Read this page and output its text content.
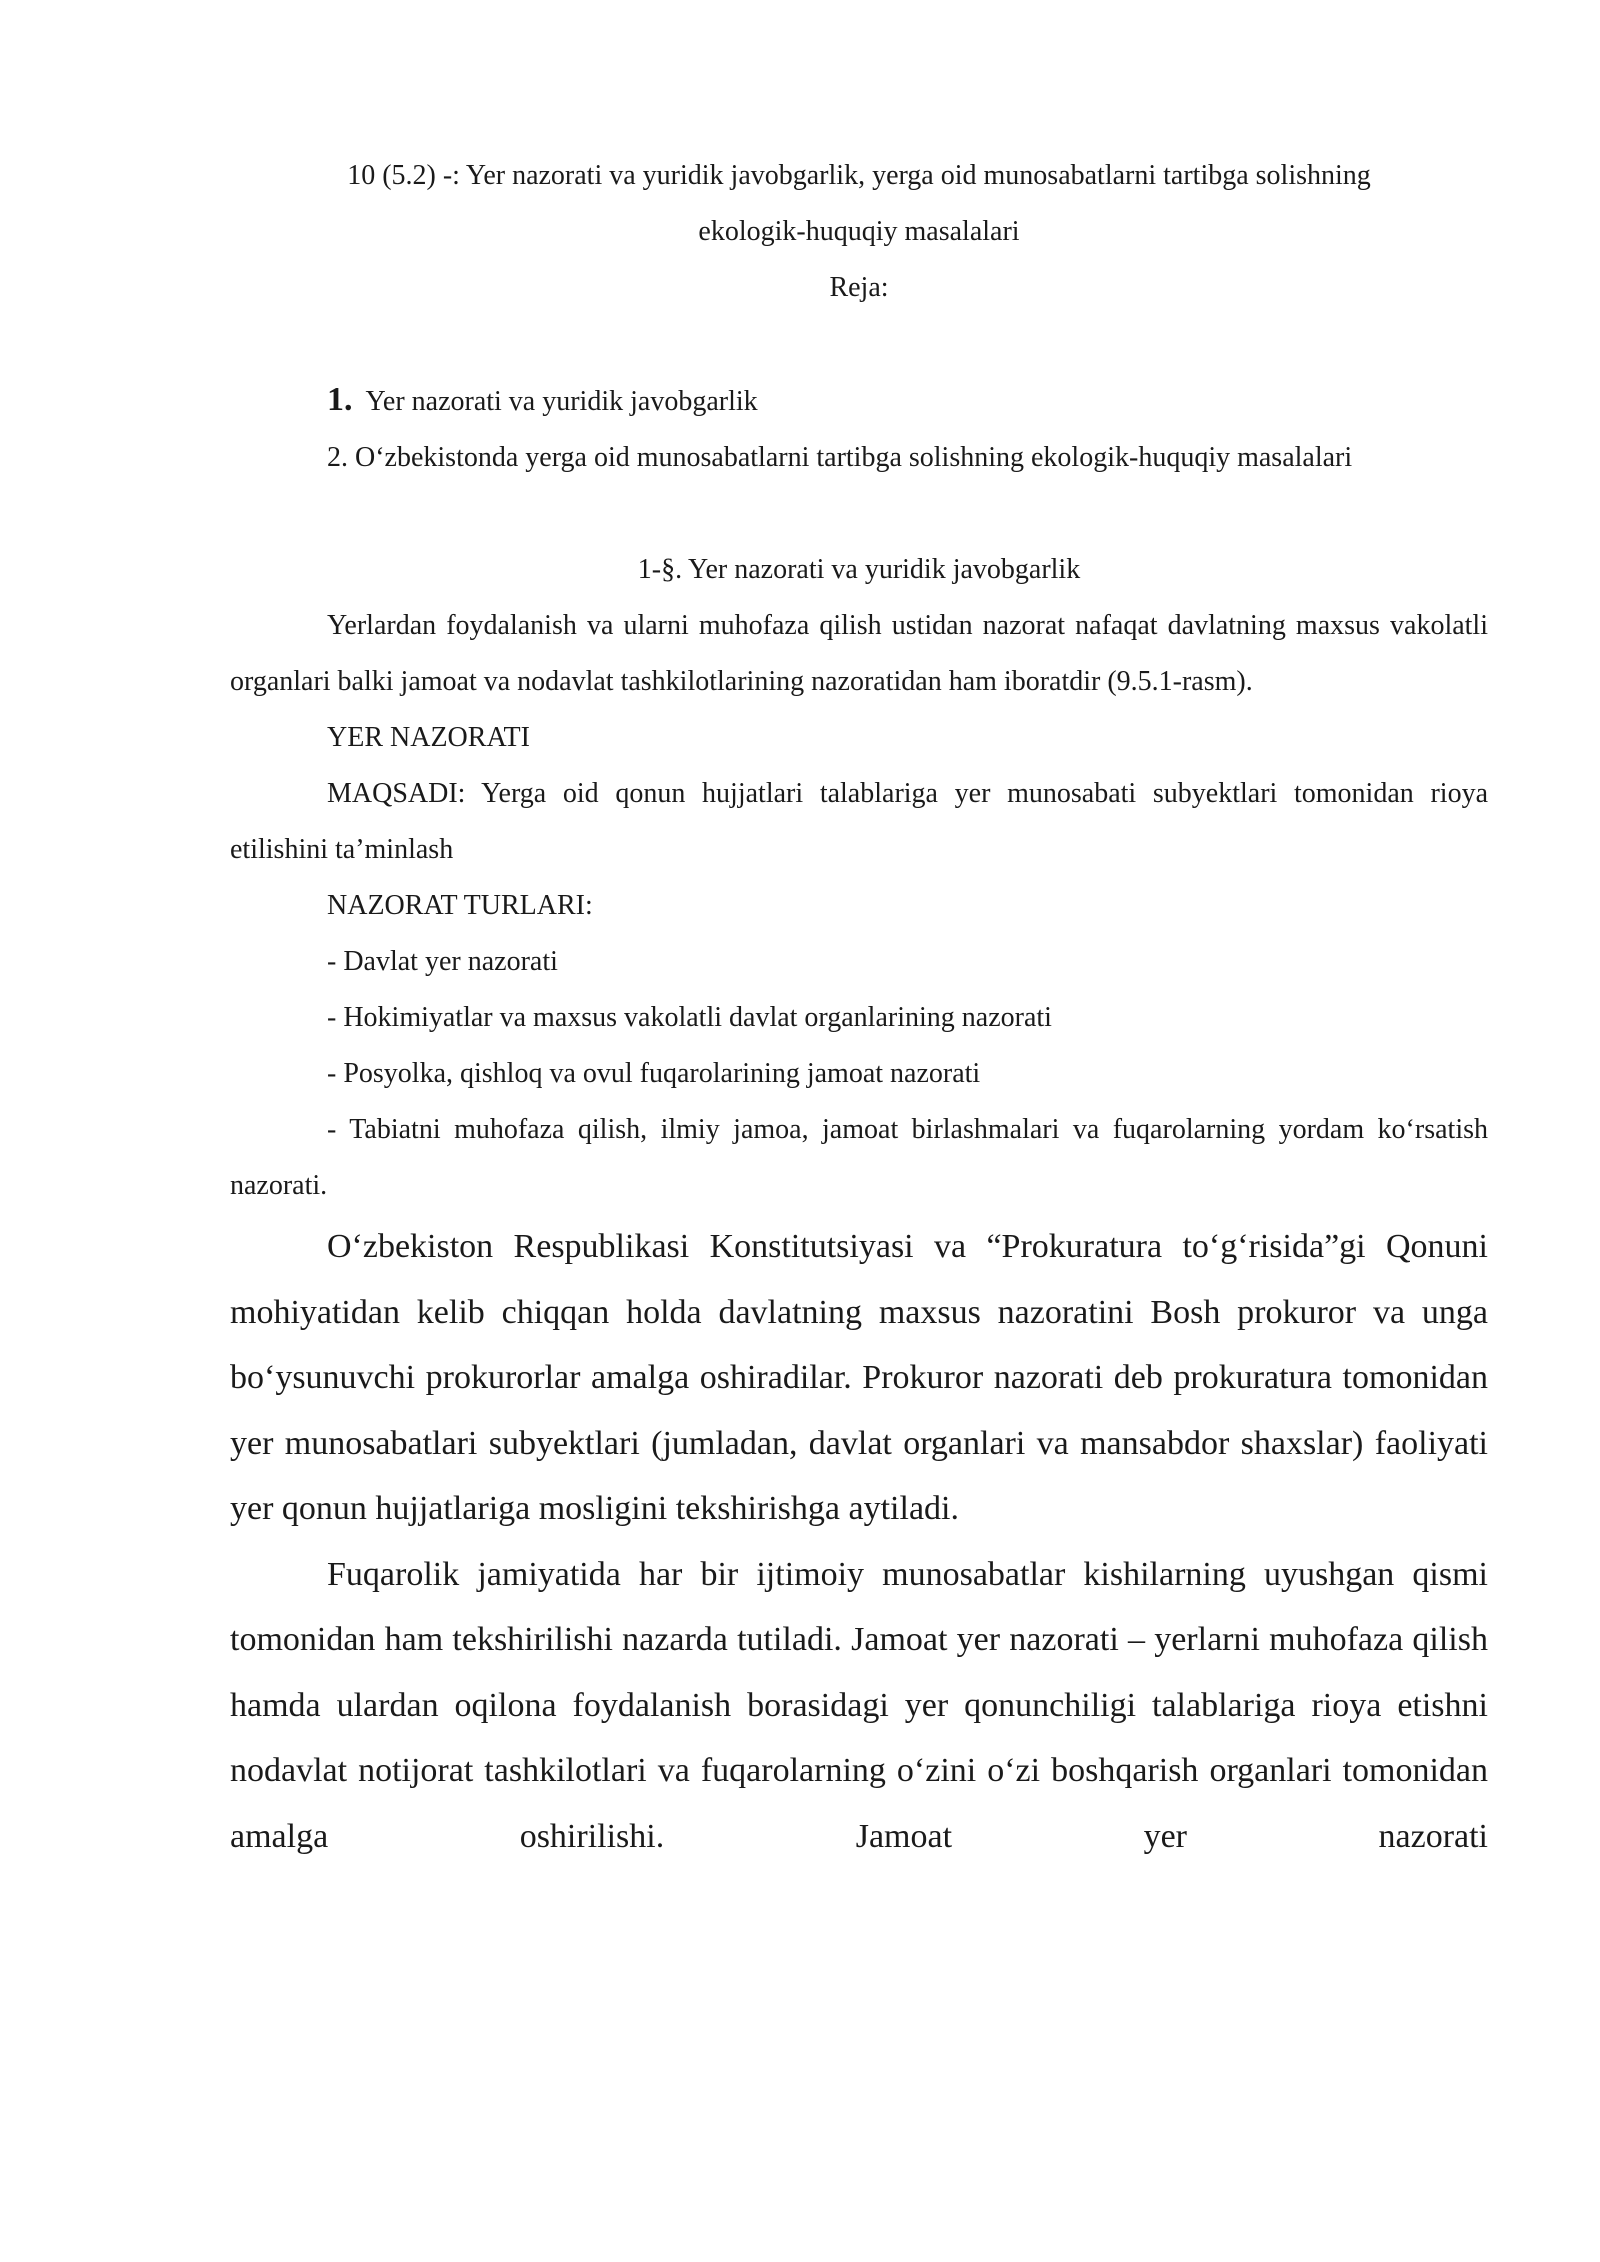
10 (5.2) -: Yer nazorati va yuridik javobgarlik, yerga oid munosabatlarni tartibga solishning

ekologik-huquqiy masalalari

Reja:

1. Yer nazorati va yuridik javobgarlik

2. O‘zbekistonda yerga oid munosabatlarni tartibga solishning ekologik-huquqiy masalalari

1-§. Yer nazorati va yuridik javobgarlik

Yerlardan foydalanish va ularni muhofaza qilish ustidan nazorat nafaqat davlatning maxsus vakolatli organlari balki jamoat va nodavlat tashkilotlarining nazoratidan ham iboratdir (9.5.1-rasm).

YER NAZORATI

MAQSADI: Yerga oid qonun hujjatlari talablariga yer munosabati subyektlari tomonidan rioya etilishini ta’minlash

NAZORAT TURLARI:

- Davlat yer nazorati

- Hokimiyatlar va maxsus vakolatli davlat organlarining nazorati

- Posyolka, qishloq va ovul fuqarolarining jamoat nazorati

- Tabiatni muhofaza qilish, ilmiy jamoa, jamoat birlashmalari va fuqarolarning yordam ko‘rsatish nazorati.

O‘zbekiston Respublikasi Konstitutsiyasi va “Prokuratura to‘g‘risida”gi Qonuni mohiyatidan kelib chiqqan holda davlatning maxsus nazoratini Bosh prokuror va unga bo‘ysunuvchi prokurorlar amalga oshiradilar. Prokuror nazorati deb prokuratura tomonidan yer munosabatlari subyektlari (jumladan, davlat organlari va mansabdor shaxslar) faoliyati yer qonun hujjatlariga mosligini tekshirishga aytiladi.

Fuqarolik jamiyatida har bir ijtimoiy munosabatlar kishilarning uyushgan qismi tomonidan ham tekshirilishi nazarda tutiladi. Jamoat yer nazorati – yerlarni muhofaza qilish hamda ulardan oqilona foydalanish borasidagi yer qonunchiligi talablariga rioya etishni nodavlat notijorat tashkilotlari va fuqarolarning o‘zini o‘zi boshqarish organlari tomonidan amalga oshirilishi. Jamoat yer nazorati
